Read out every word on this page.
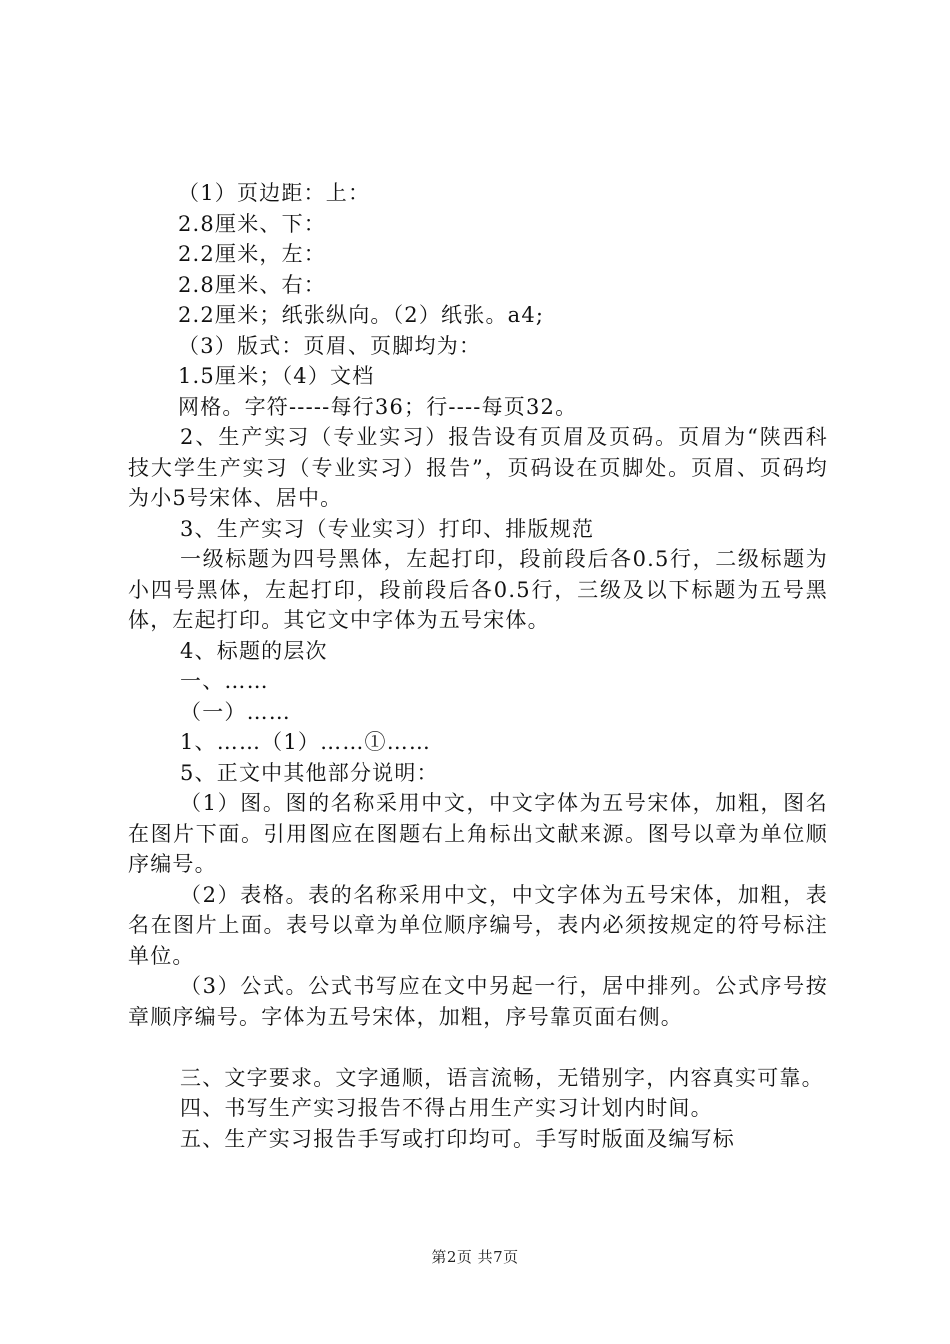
（1）页边距：上：
2.8厘米、下：
2.2厘米，左：
2.8厘米、右：
2.2厘米；纸张纵向。（2）纸张。a4;
（3）版式：页眉、页脚均为：
1.5厘米；（4）文档
网格。字符-----每行36；行----每页32。
2、生产实习（专业实习）报告设有页眉及页码。页眉为“陕西科技大学生产实习（专业实习）报告”，页码设在页脚处。页眉、页码均为小5号宋体、居中。
3、生产实习（专业实习）打印、排版规范
一级标题为四号黑体，左起打印，段前段后各0.5行，二级标题为小四号黑体，左起打印，段前段后各0.5行，三级及以下标题为五号黑体，左起打印。其它文中字体为五号宋体。
4、标题的层次
一、……
（一）……
1、……（1）……①……
5、正文中其他部分说明：
（1）图。图的名称采用中文，中文字体为五号宋体，加粗，图名在图片下面。引用图应在图题右上角标出文献来源。图号以章为单位顺序编号。
（2）表格。表的名称采用中文，中文字体为五号宋体，加粗，表名在图片上面。表号以章为单位顺序编号，表内必须按规定的符号标注单位。
（3）公式。公式书写应在文中另起一行，居中排列。公式序号按章顺序编号。字体为五号宋体，加粗，序号靠页面右侧。
三、文字要求。文字通顺，语言流畅，无错别字，内容真实可靠。
四、书写生产实习报告不得占用生产实习计划内时间。
五、生产实习报告手写或打印均可。手写时版面及编写标
第2页 共7页
